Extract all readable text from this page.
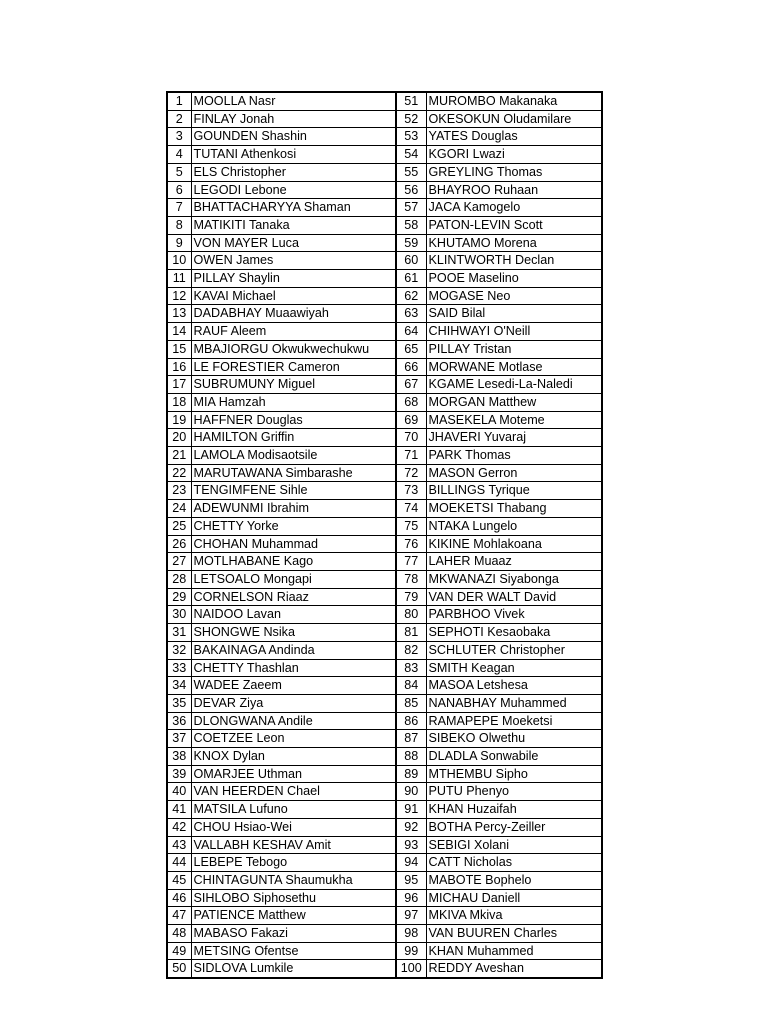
1	MOOLLA Nasr		51	MUROMBO Makanaka
2	FINLAY Jonah		52	OKESOKUN Oludamilare
3	GOUNDEN Shashin		53	YATES Douglas
4	TUTANI Athenkosi		54	KGORI Lwazi
5	ELS Christopher		55	GREYLING Thomas
6	LEGODI Lebone		56	BHAYROO Ruhaan
7	BHATTACHARYYA Shaman		57	JACA Kamogelo
8	MATIKITI Tanaka		58	PATON-LEVIN Scott
9	VON MAYER Luca		59	KHUTAMO Morena
10	OWEN James		60	KLINTWORTH Declan
11	PILLAY Shaylin		61	POOE Maselino
12	KAVAI Michael		62	MOGASE Neo
13	DADABHAY Muaawiyah		63	SAID Bilal
14	RAUF Aleem		64	CHIHWAYI O'Neill
15	MBAJIORGU Okwukwechukwu		65	PILLAY Tristan
16	LE FORESTIER Cameron		66	MORWANE Motlase
17	SUBRUMUNY Miguel		67	KGAME Lesedi-La-Naledi
18	MIA Hamzah		68	MORGAN Matthew
19	HAFFNER Douglas		69	MASEKELA Moteme
20	HAMILTON Griffin		70	JHAVERI Yuvaraj
21	LAMOLA Modisaotsile		71	PARK Thomas
22	MARUTAWANA Simbarashe		72	MASON Gerron
23	TENGIMFENE Sihle		73	BILLINGS Tyrique
24	ADEWUNMI Ibrahim		74	MOEKETSI Thabang
25	CHETTY Yorke		75	NTAKA Lungelo
26	CHOHAN Muhammad		76	KIKINE Mohlakoana
27	MOTLHABANE Kago		77	LAHER Muaaz
28	LETSOALO Mongapi		78	MKWANAZI Siyabonga
29	CORNELSON Riaaz		79	VAN DER WALT David
30	NAIDOO Lavan		80	PARBHOO Vivek
31	SHONGWE Nsika		81	SEPHOTI Kesaobaka
32	BAKAINAGA Andinda		82	SCHLUTER Christopher
33	CHETTY Thashlan		83	SMITH Keagan
34	WADEE Zaeem		84	MASOA Letshesa
35	DEVAR Ziya		85	NANABHAY Muhammed
36	DLONGWANA Andile		86	RAMAPEPE Moeketsi
37	COETZEE Leon		87	SIBEKO Olwethu
38	KNOX Dylan		88	DLADLA Sonwabile
39	OMARJEE Uthman		89	MTHEMBU Sipho
40	VAN HEERDEN Chael		90	PUTU Phenyo
41	MATSILA Lufuno		91	KHAN Huzaifah
42	CHOU Hsiao-Wei		92	BOTHA Percy-Zeiller
43	VALLABH KESHAV Amit		93	SEBIGI Xolani
44	LEBEPE Tebogo		94	CATT Nicholas
45	CHINTAGUNTA Shaumukha		95	MABOTE Bophelo
46	SIHLOBO Siphosethu		96	MICHAU Daniell
47	PATIENCE Matthew		97	MKIVA Mkiva
48	MABASO Fakazi		98	VAN BUUREN Charles
49	METSING Ofentse		99	KHAN Muhammed
50	SIDLOVA Lumkile		100	REDDY Aveshan
